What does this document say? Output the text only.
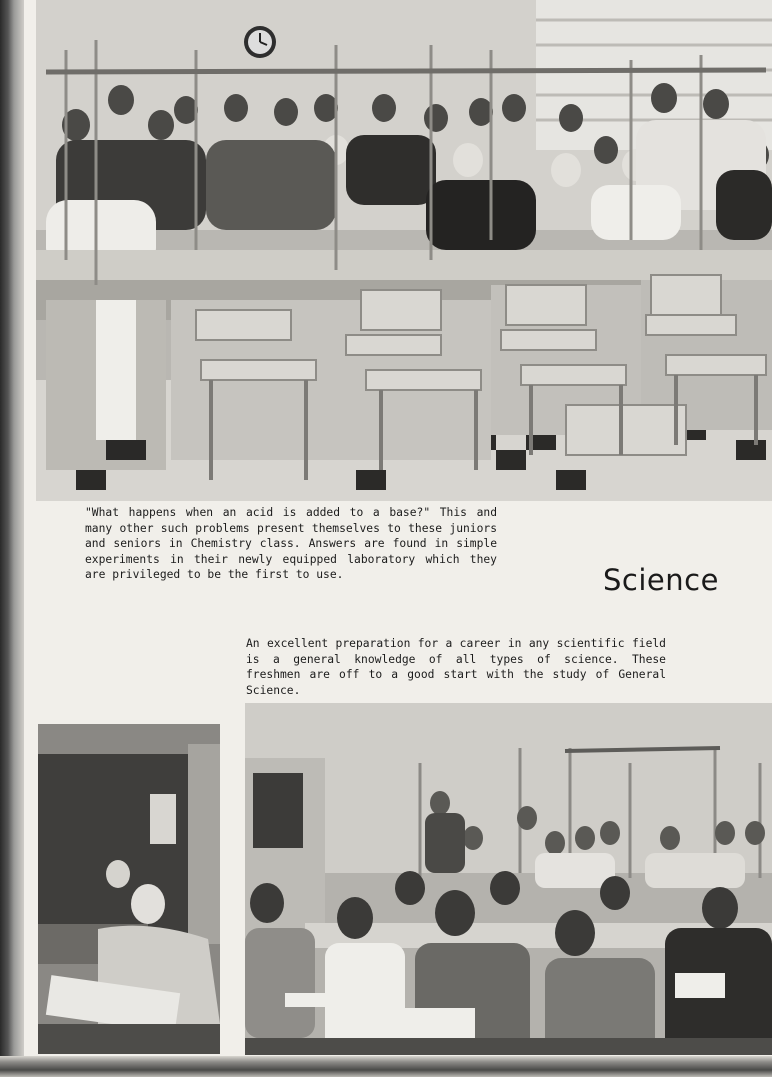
"What happens when an acid is added to a base?" This and many other such problems present themselves to these juniors and seniors in Chemistry class. Answers are found in simple experiments in their newly equipped laboratory which they are privileged to be the first to use.	Science

An excellent preparation for a career in any scientific field is a general knowledge of all types of science. These freshmen are off to a good start with the study of General Science.
